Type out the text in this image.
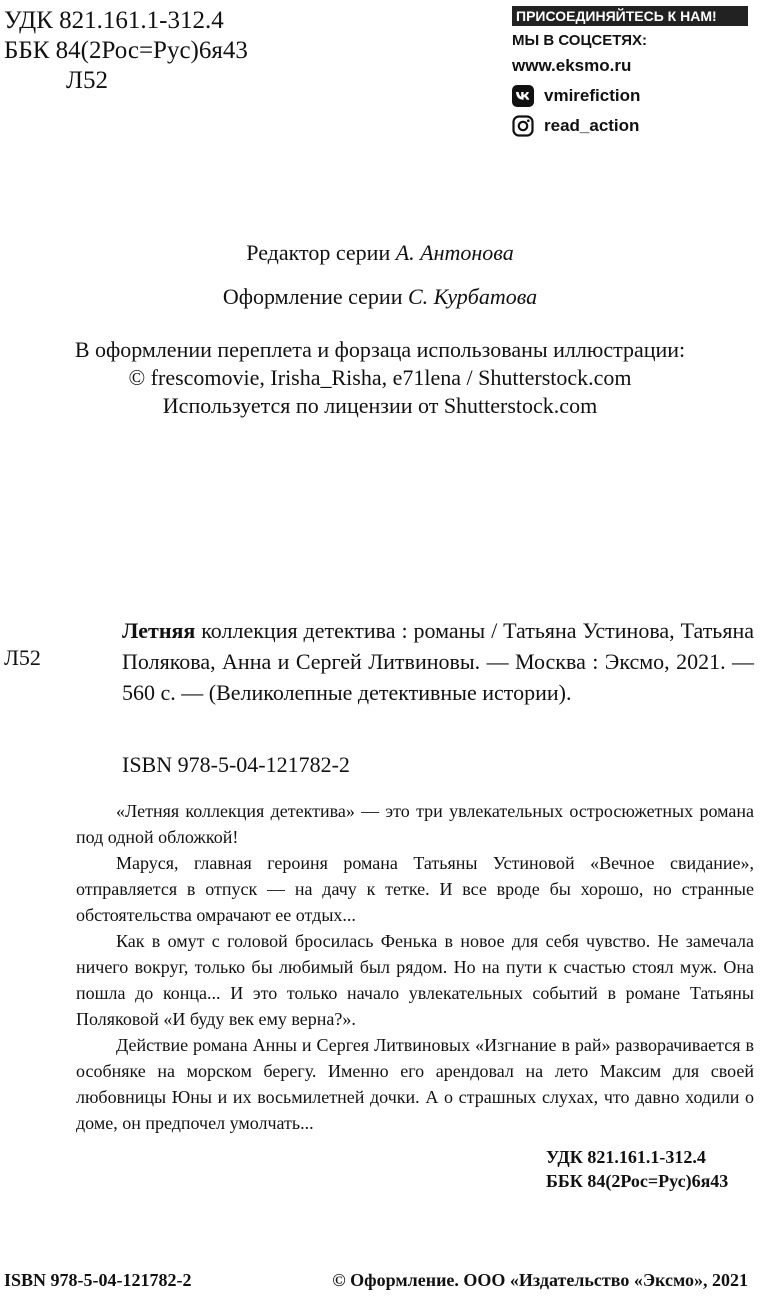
УДК 821.161.1-312.4
ББК 84(2Рос=Рус)6я43
Л52
ПРИСОЕДИНЯЙТЕСЬ К НАМ!
МЫ В СОЦСЕТЯХ:
www.eksmo.ru
vmirefiction
read_action
Редактор серии А. Антонова
Оформление серии С. Курбатова
В оформлении переплета и форзаца использованы иллюстрации:
© frescomovie, Irisha_Risha, e71lena / Shutterstock.com
Используется по лицензии от Shutterstock.com
Л52
Летняя коллекция детектива : романы / Татьяна Устинова, Татьяна Полякова, Анна и Сергей Литвиновы. — Москва : Эксмо, 2021. — 560 с. — (Великолепные детективные истории).
ISBN 978-5-04-121782-2

«Летняя коллекция детектива» — это три увлекательных остросюжетных романа под одной обложкой!

Маруся, главная героиня романа Татьяны Устиновой «Вечное свидание», отправляется в отпуск — на дачу к тетке. И все вроде бы хорошо, но странные обстоятельства омрачают ее отдых...

Как в омут с головой бросилась Фенька в новое для себя чувство. Не замечала ничего вокруг, только бы любимый был рядом. Но на пути к счастью стоял муж. Она пошла до конца... И это только начало увлекательных событий в романе Татьяны Поляковой «И буду век ему верна?».

Действие романа Анны и Сергея Литвиновых «Изгнание в рай» разворачивается в особняке на морском берегу. Именно его арендовал на лето Максим для своей любовницы Юны и их восьмилетней дочки. А о страшных слухах, что давно ходили о доме, он предпочел умолчать...

УДК 821.161.1-312.4
ББК 84(2Рос=Рус)6я43
ISBN 978-5-04-121782-2	© Оформление. ООО «Издательство «Эксмо», 2021
